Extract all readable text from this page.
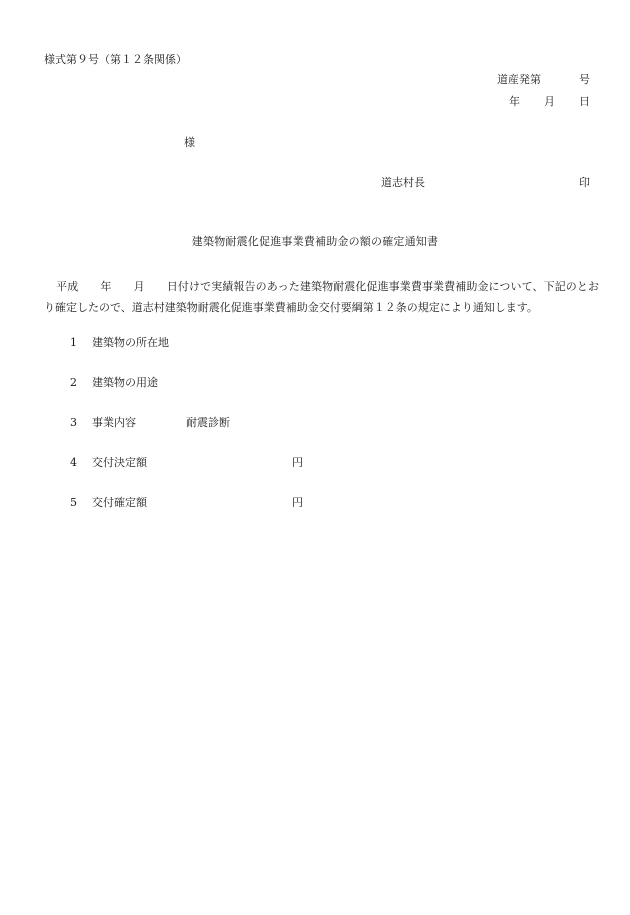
様式第９号（第１２条関係）
道産発第	号
年 月 日
様
道志村長	印
建築物耐震化促進事業費補助金の額の確定通知書
平成 年 月 日付けで実績報告のあった建築物耐震化促進事業費事業費補助金について、下記のとおり確定したので、道志村建築物耐震化促進事業費補助金交付要綱第１２条の規定により通知します。
1	建築物の所在地
2	建築物の用途
3	事業内容	耐震診断
4	交付決定額	円
5	交付確定額	円
